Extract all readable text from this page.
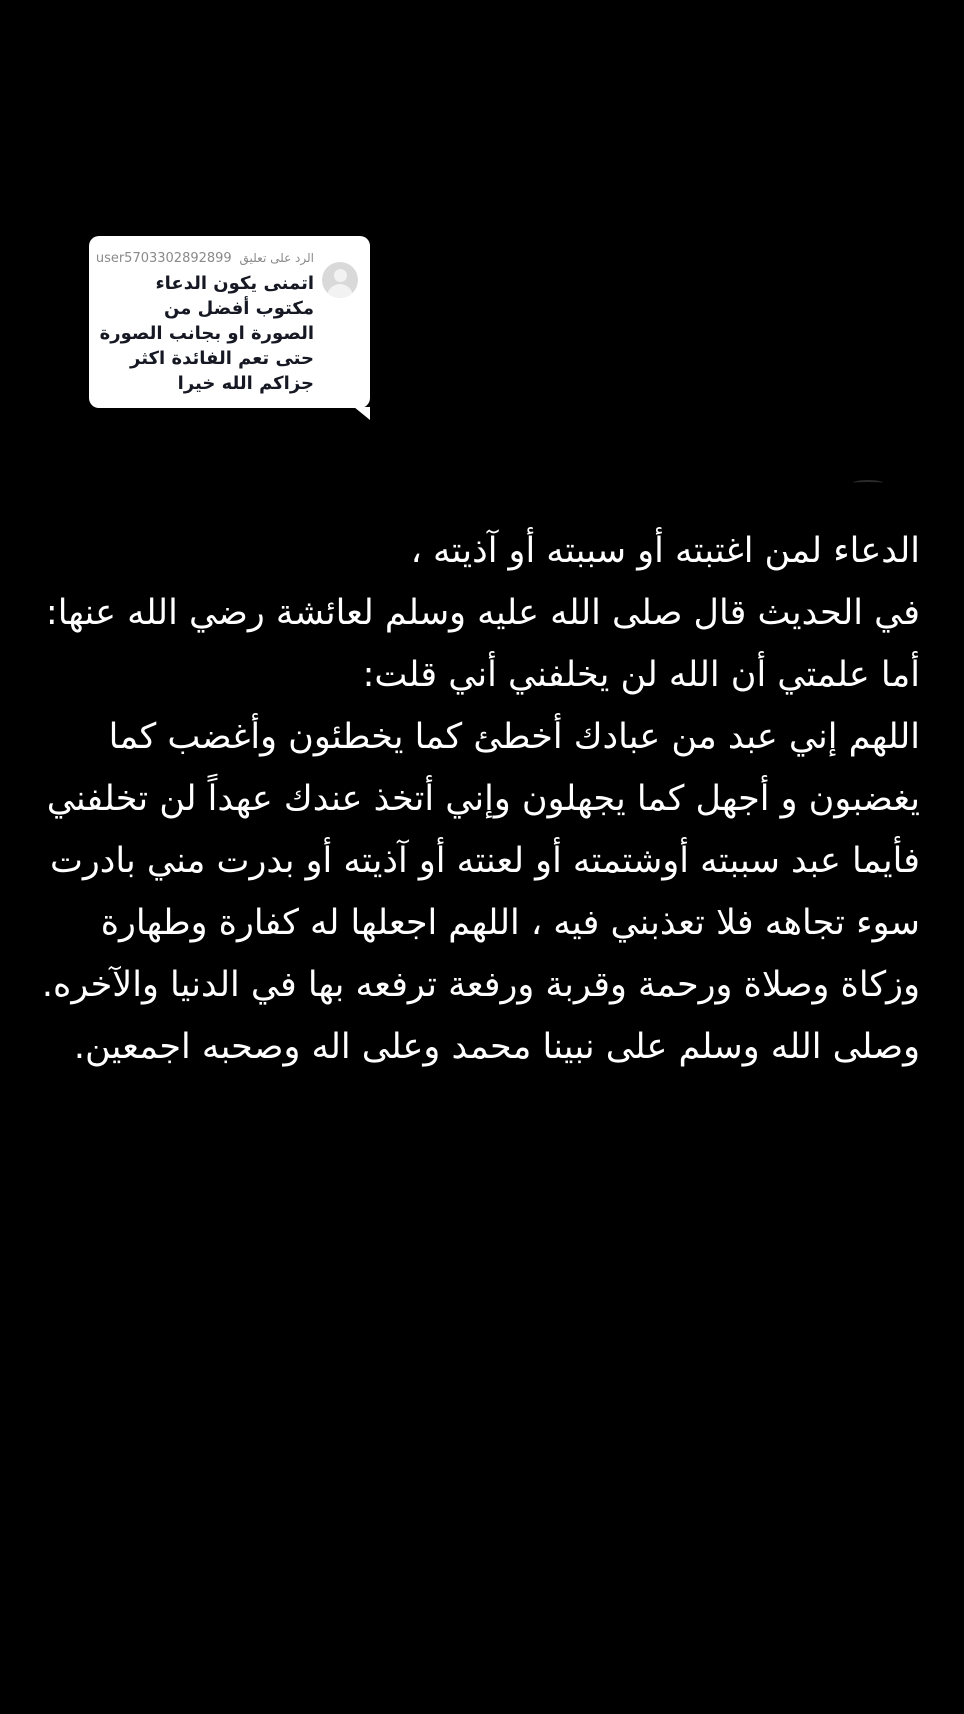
الرد على تعليق user5703302892899
اتمنى يكون الدعاء مكتوب أفضل من الصورة او بجانب الصورة حتى تعم الفائدة اكثر جزاكم الله خيرا

الدعاء لمن اغتبته أو سببته أو آذيته ،

في الحديث قال صلى الله عليه وسلم لعائشة رضي الله عنها: أما علمتي أن الله لن يخلفني أني قلت:

اللهم إني عبد من عبادك أخطئ كما يخطئون وأغضب كما يغضبون و أجهل كما يجهلون وإني أتخذ عندك عهداً لن تخلفني فأيما عبد سببته أوشتمته أو لعنته أو آذيته أو بدرت مني بادرت سوء تجاهه فلا تعذبني فيه ، اللهم اجعلها له كفارة وطهارة وزكاة وصلاة ورحمة وقربة ورفعة ترفعه بها في الدنيا والآخره.

وصلى الله وسلم على نبينا محمد وعلى اله وصحبه اجمعين.
